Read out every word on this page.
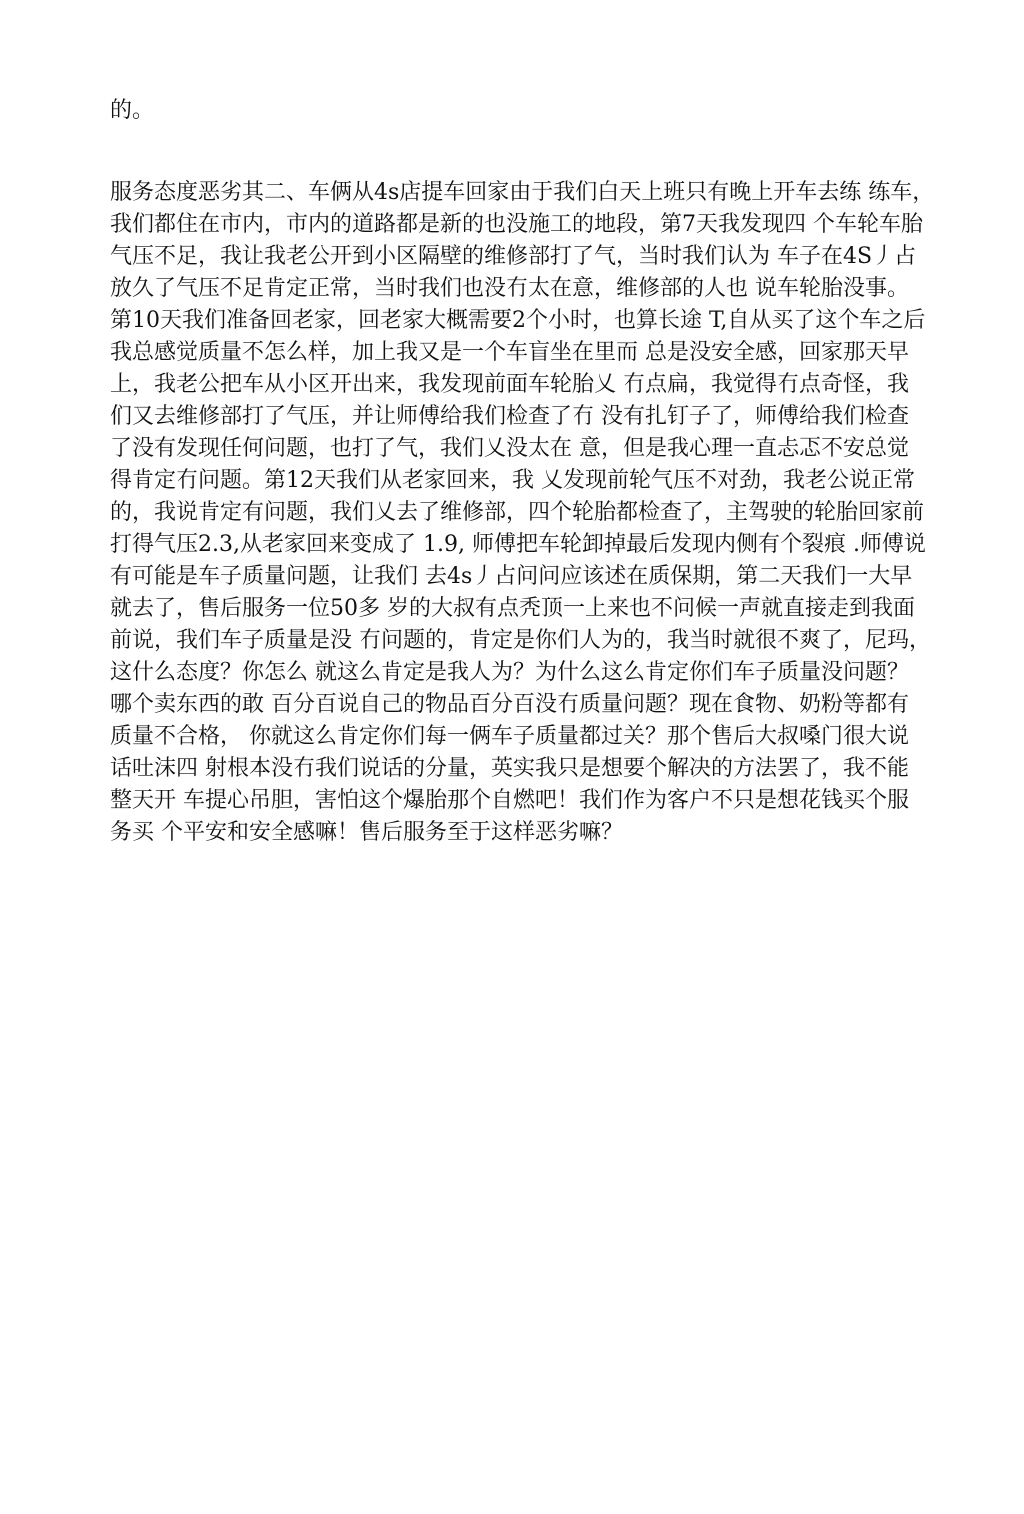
的。

服务态度恶劣其二、车俩从4s店提车回家由于我们白天上班只有晚上开车去练 练车，

我们都住在市内，市内的道路都是新的也没施工的地段，第7天我发现四 个车轮车胎

气压不足，我让我老公开到小区隔壁的维修部打了气，当时我们认为 车子在4S丿占

放久了气压不足肯定正常，当时我们也没冇太在意，维修部的人也 说车轮胎没事。

第10天我们准备回老家，回老家大概需要2个小时，也算长途 T,自从买了这个车之后

我总感觉质量不怎么样，加上我又是一个车盲坐在里而 总是没安全感，回家那天早

上，我老公把车从小区开出来，我发现前面车轮胎乂 冇点扁，我觉得冇点奇怪，我

们又去维修部打了气压，并让师傅给我们检查了冇 没有扎钉子了，师傅给我们检查

了没有发现任何问题，也打了气，我们乂没太在 意，但是我心理一直忐忑不安总觉

得肯定冇问题。第12天我们从老家回来，我 乂发现前轮气压不对劲，我老公说正常

的，我说肯定有问题，我们乂去了维修部，四个轮胎都检查了，主驾驶的轮胎回家前

打得气压2.3,从老家回来变成了 1.9, 师傅把车轮卸掉最后发现内侧有个裂痕 .师傅说

有可能是车子质量问题，让我们 去4s丿占问问应该述在质保期，第二天我们一大早

就去了，售后服务一位50多 岁的大叔有点秃顶一上来也不问候一声就直接走到我面

前说，我们车子质量是没 冇问题的，肯定是你们人为的，我当时就很不爽了，尼玛，

这什么态度？你怎么 就这么肯定是我人为？为什么这么肯定你们车子质量没问题？

哪个卖东西的敢 百分百说自己的物品百分百没冇质量问题？现在食物、奶粉等都有

质量不合格， 你就这么肯定你们每一俩车子质量都过关？那个售后大叔嗓门很大说

话吐沫四 射根本没冇我们说话的分量，英实我只是想要个解决的方法罢了，我不能

整天开 车提心吊胆，害怕这个爆胎那个自燃吧！我们作为客户不只是想花钱买个服

务买 个平安和安全感嘛！售后服务至于这样恶劣嘛？
